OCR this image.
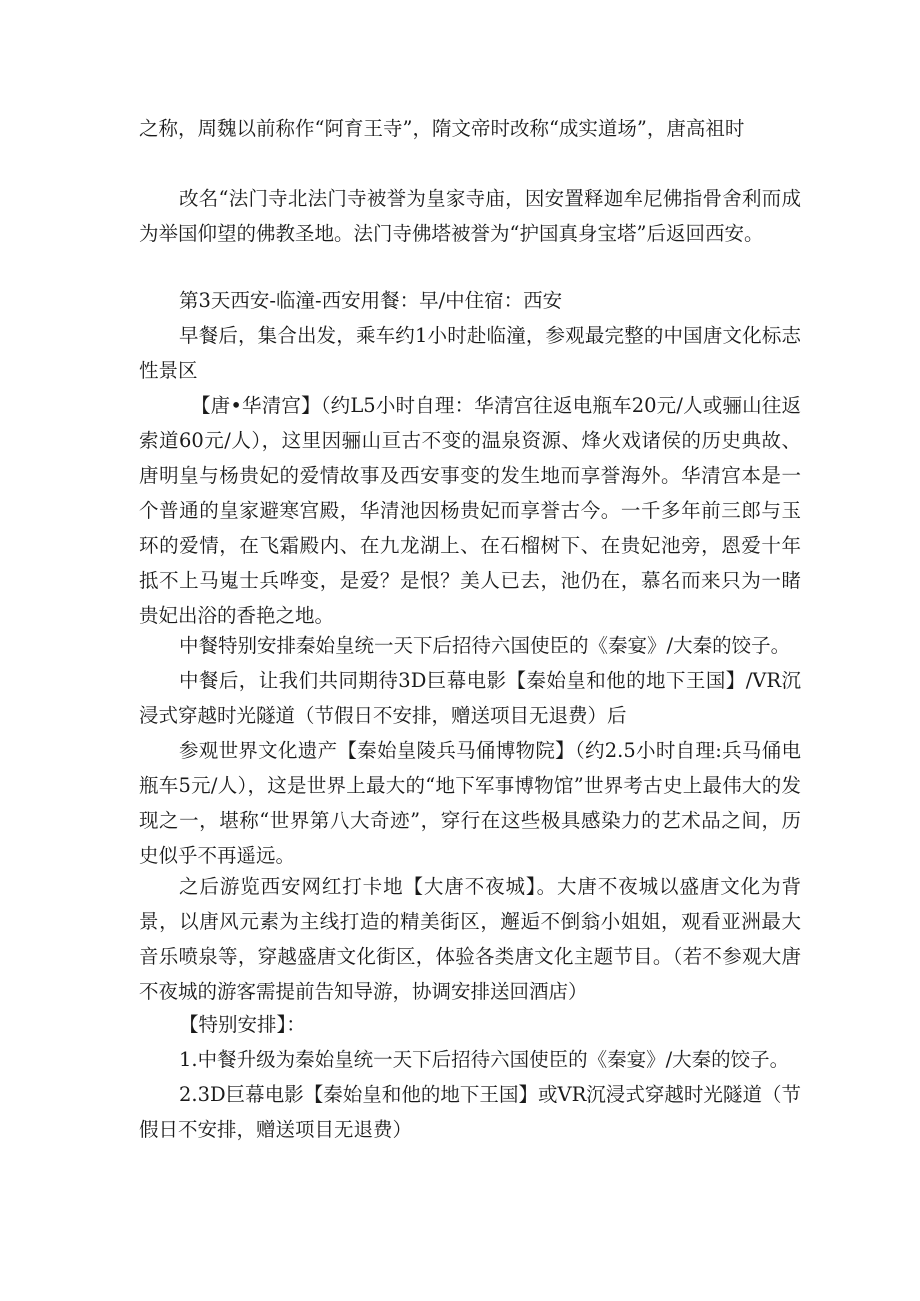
之称，周魏以前称作“阿育王寺”，隋文帝时改称“成实道场”，唐高祖时

改名“法门寺北法门寺被誉为皇家寺庙，因安置释迦牟尼佛指骨舍利而成为举国仰望的佛教圣地。法门寺佛塔被誉为“护国真身宝塔”后返回西安。

第3天西安-临潼-西安用餐：早/中住宿：西安

早餐后，集合出发，乘车约1小时赴临潼，参观最完整的中国唐文化标志性景区

【唐•华清宫】（约L5小时自理：华清宫往返电瓶车20元/人或骊山往返索道60元/人），这里因骊山亘古不变的温泉资源、烽火戏诸侯的历史典故、唐明皇与杨贵妃的爱情故事及西安事变的发生地而享誉海外。华清宫本是一个普通的皇家避寒宫殿，华清池因杨贵妃而享誉古今。一千多年前三郎与玉环的爱情，在飞霜殿内、在九龙湖上、在石榴树下、在贵妃池旁，恩爱十年抵不上马嵬士兵哗变，是爱？是恨？美人已去，池仍在，慕名而来只为一睹贵妃出浴的香艳之地。

中餐特别安排秦始皇统一天下后招待六国使臣的《秦宴》/大秦的饺子。

中餐后，让我们共同期待3D巨幕电影【秦始皇和他的地下王国】/VR沉浸式穿越时光隧道（节假日不安排，赠送项目无退费）后

参观世界文化遗产【秦始皇陵兵马俑博物院】（约2.5小时自理:兵马俑电瓶车5元/人），这是世界上最大的“地下军事博物馆”世界考古史上最伟大的发现之一，堪称“世界第八大奇迹”，穿行在这些极具感染力的艺术品之间，历史似乎不再遥远。

之后游览西安网红打卡地【大唐不夜城】。大唐不夜城以盛唐文化为背景，以唐风元素为主线打造的精美街区，邂逅不倒翁小姐姐，观看亚洲最大音乐喷泉等，穿越盛唐文化街区，体验各类唐文化主题节目。（若不参观大唐不夜城的游客需提前告知导游，协调安排送回酒店）

【特别安排】：

1.中餐升级为秦始皇统一天下后招待六国使臣的《秦宴》/大秦的饺子。

2.3D巨幕电影【秦始皇和他的地下王国】或VR沉浸式穿越时光隧道（节假日不安排，赠送项目无退费）
